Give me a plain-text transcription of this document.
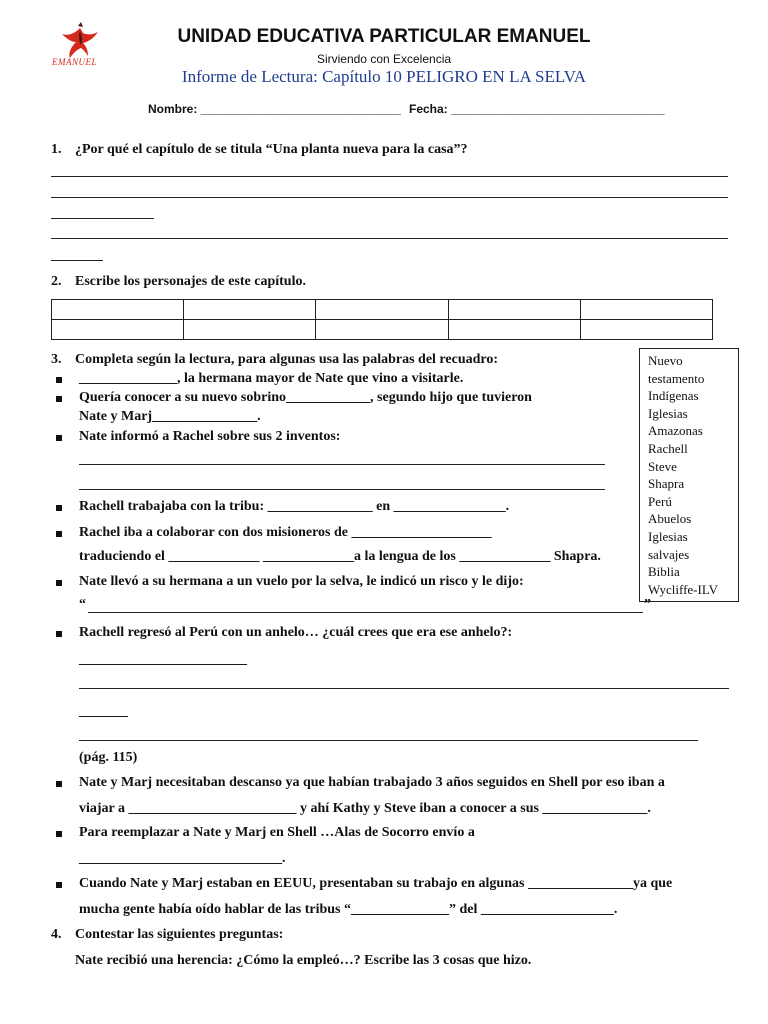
EMANUEL
UNIDAD EDUCATIVA PARTICULAR EMANUEL
Sirviendo con Excelencia
Informe de Lectura: Capítulo 10 PELIGRO EN LA SELVA
Nombre: ______________________________ Fecha: ________________________________
1. ¿Por qué el capítulo de se titula “Una planta nueva para la casa”?
2. Escribe los personajes de este capítulo.

3. Completa según la lectura, para algunas usa las palabras del recuadro:	Nuevo
testamento
Indígenas
Iglesias
Amazonas
Rachell
Steve
Shapra
Perú
Abuelos
Iglesias
salvajes
Biblia
Wycliffe-ILV
______________, la hermana mayor de Nate que vino a visitarle.
Quería conocer a su nuevo sobrino____________, segundo hijo que tuvieron
Nate y Marj_______________.
Nate informó a Rachel sobre sus 2 inventos:
Rachell trabajaba con la tribu: _______________ en ________________.
Rachel iba a colaborar con dos misioneros de ____________________
traduciendo el _____________ _____________a la lengua de los _____________ Shapra.
Nate llevó a su hermana a un vuelo por la selva, le indicó un risco y le dijo:
“	”
Rachell regresó al Perú con un anhelo… ¿cuál crees que era ese anhelo?:
________________________
_______
(pág. 115)
Nate y Marj necesitaban descanso ya que habían trabajado 3 años seguidos en Shell por eso iban a
viajar a ________________________ y ahí Kathy y Steve iban a conocer a sus _______________.
Para reemplazar a Nate y Marj en Shell …Alas de Socorro envío a
_____________________________.
Cuando Nate y Marj estaban en EEUU, presentaban su trabajo en algunas _______________ya que
mucha gente había oído hablar de las tribus “______________” del ___________________.
4. Contestar las siguientes preguntas:
Nate recibió una herencia: ¿Cómo la empleó…? Escribe las 3 cosas que hizo.
